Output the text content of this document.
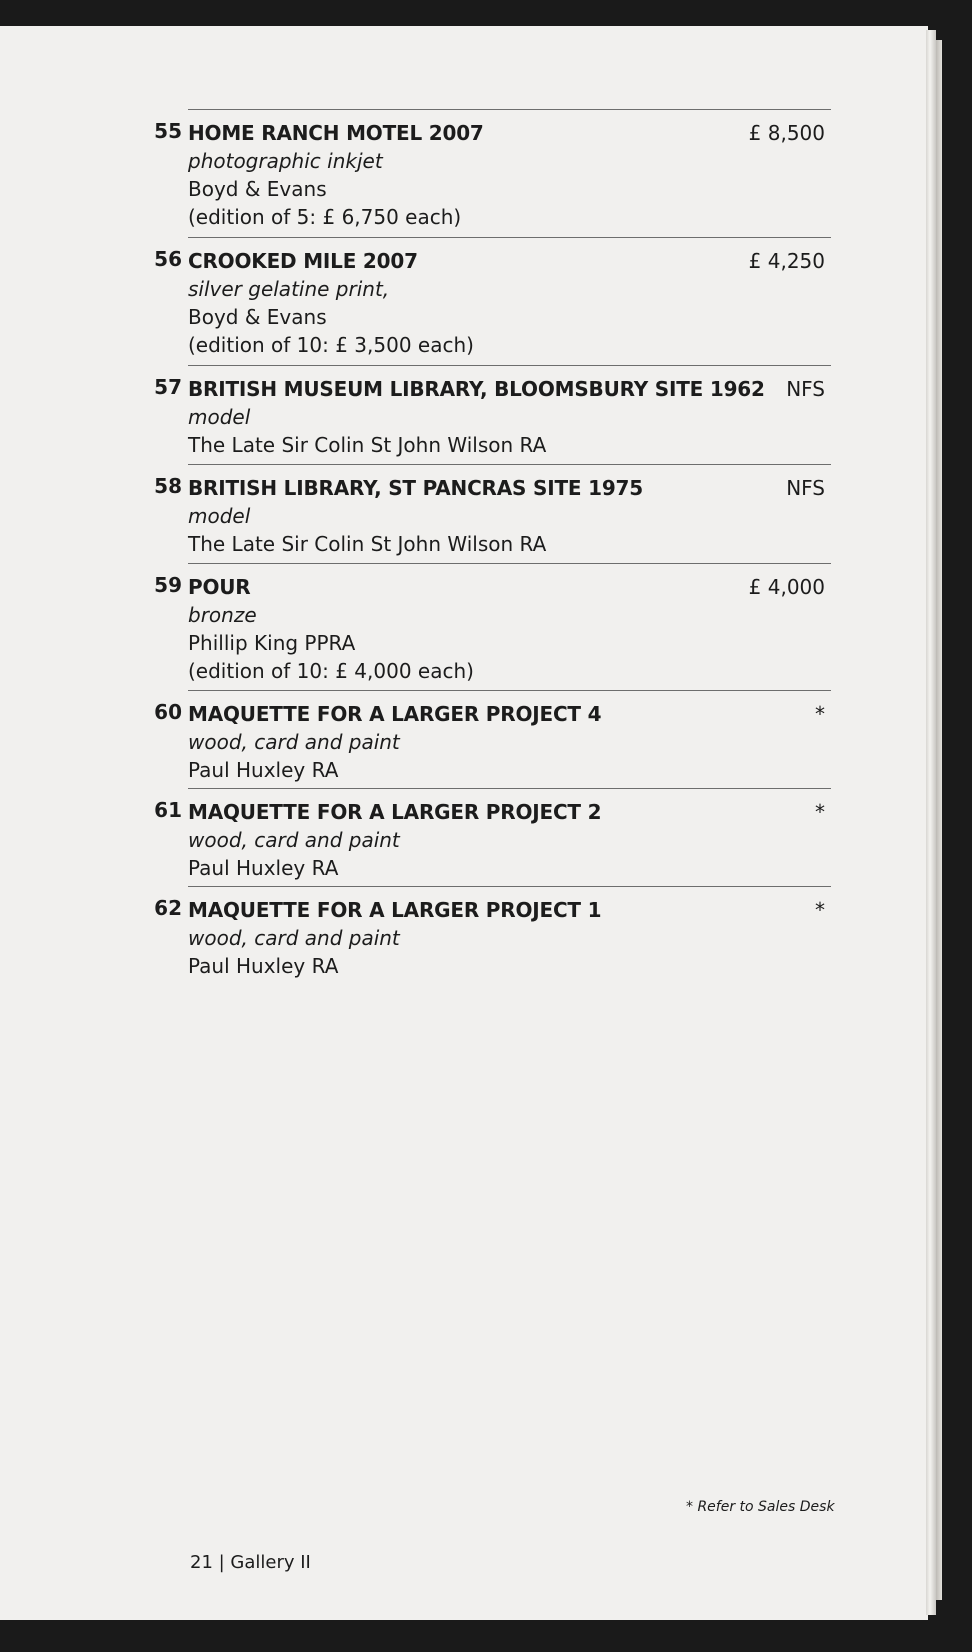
55 HOME RANCH MOTEL 2007
photographic inkjet
Boyd & Evans
(edition of 5: £ 6,750 each)
£ 8,500
56 CROOKED MILE 2007
silver gelatine print,
Boyd & Evans
(edition of 10: £ 3,500 each)
£ 4,250
57 BRITISH MUSEUM LIBRARY, BLOOMSBURY SITE 1962
model
The Late Sir Colin St John Wilson RA
NFS
58 BRITISH LIBRARY, ST PANCRAS SITE 1975
model
The Late Sir Colin St John Wilson RA
NFS
59 POUR
bronze
Phillip King PPRA
(edition of 10: £ 4,000 each)
£ 4,000
60 MAQUETTE FOR A LARGER PROJECT 4
wood, card and paint
Paul Huxley RA
*
61 MAQUETTE FOR A LARGER PROJECT 2
wood, card and paint
Paul Huxley RA
*
62 MAQUETTE FOR A LARGER PROJECT 1
wood, card and paint
Paul Huxley RA
*
* Refer to Sales Desk
21 | Gallery II
